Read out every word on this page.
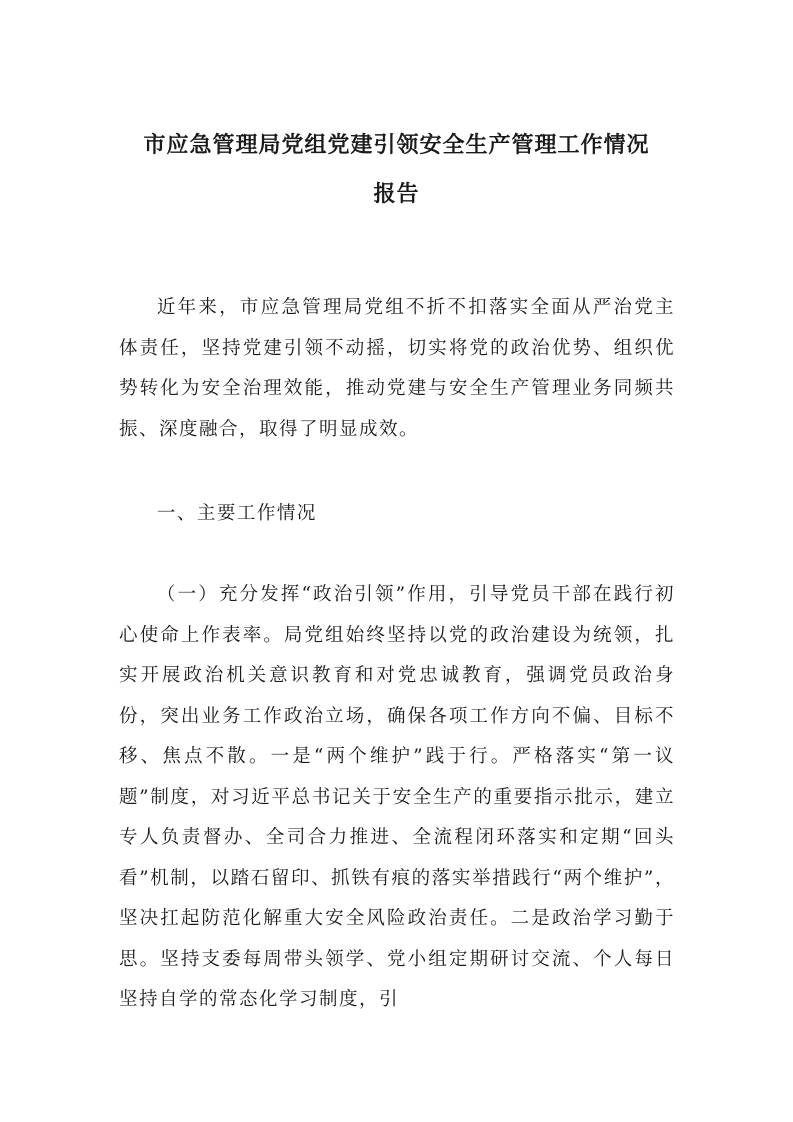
市应急管理局党组党建引领安全生产管理工作情况
报告

近年来，市应急管理局党组不折不扣落实全面从严治党主体责任，坚持党建引领不动摇，切实将党的政治优势、组织优势转化为安全治理效能，推动党建与安全生产管理业务同频共振、深度融合，取得了明显成效。

一、主要工作情况

（一）充分发挥“政治引领”作用，引导党员干部在践行初心使命上作表率。局党组始终坚持以党的政治建设为统领，扎实开展政治机关意识教育和对党忠诚教育，强调党员政治身份，突出业务工作政治立场，确保各项工作方向不偏、目标不移、焦点不散。一是“两个维护”践于行。严格落实“第一议题”制度，对习近平总书记关于安全生产的重要指示批示，建立专人负责督办、全司合力推进、全流程闭环落实和定期“回头看”机制，以踏石留印、抓铁有痕的落实举措践行“两个维护”，坚决扛起防范化解重大安全风险政治责任。二是政治学习勤于思。坚持支委每周带头领学、党小组定期研讨交流、个人每日坚持自学的常态化学习制度，引
